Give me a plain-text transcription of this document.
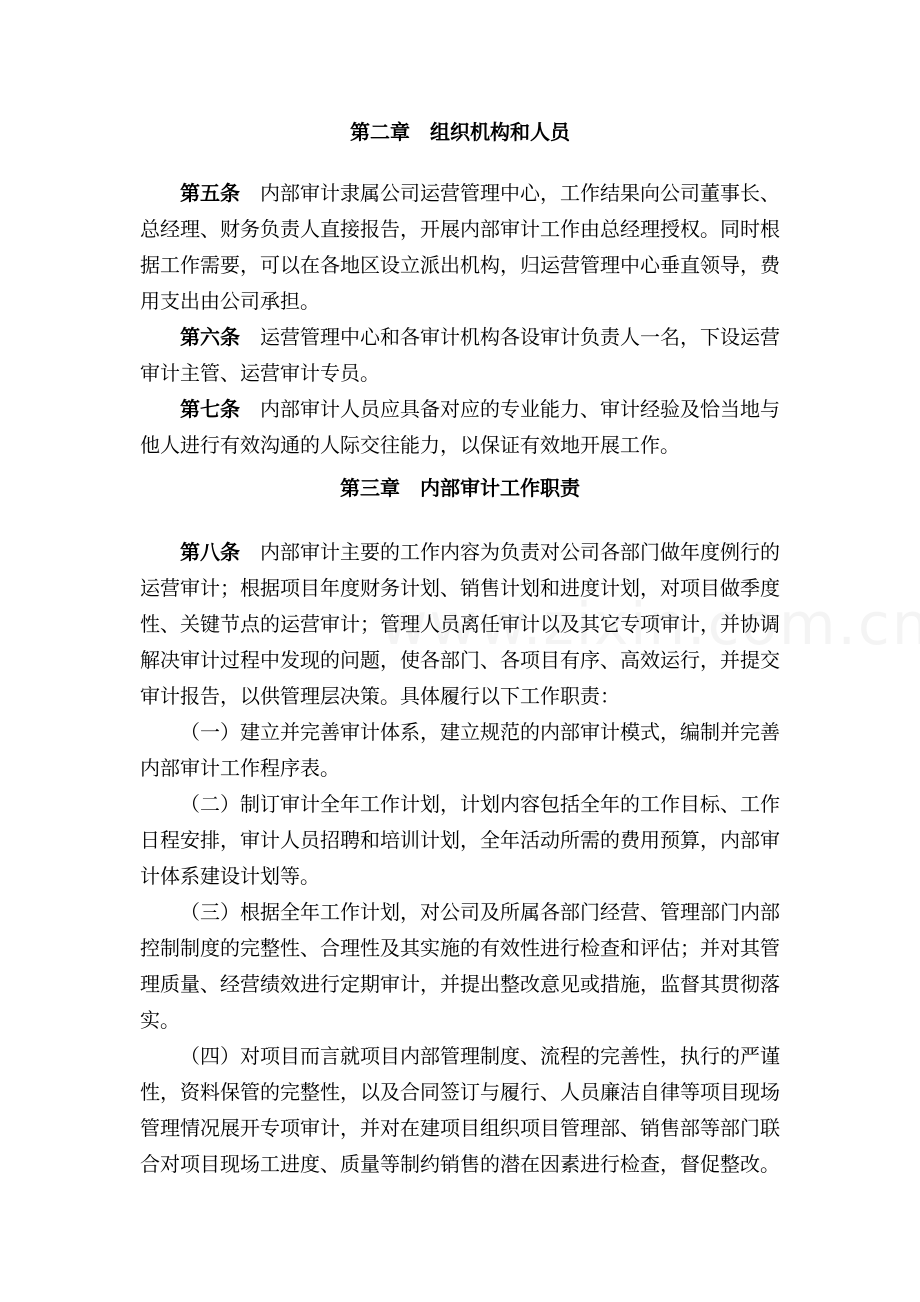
第二章　组织机构和人员

第五条　 内部审计隶属公司运营管理中心，工作结果向公司董事长、总经理、财务负责人直接报告，开展内部审计工作由总经理授权。同时根据工作需要，可以在各地区设立派出机构，归运营管理中心垂直领导，费用支出由公司承担。

第六条　 运营管理中心和各审计机构各设审计负责人一名，下设运营审计主管、运营审计专员。

第七条　 内部审计人员应具备对应的专业能力、审计经验及恰当地与他人进行有效沟通的人际交往能力，以保证有效地开展工作。

第三章　内部审计工作职责

第八条　 内部审计主要的工作内容为负责对公司各部门做年度例行的运营审计；根据项目年度财务计划、销售计划和进度计划，对项目做季度性、关键节点的运营审计；管理人员离任审计以及其它专项审计，并协调解决审计过程中发现的问题，使各部门、各项目有序、高效运行，并提交审计报告，以供管理层决策。具体履行以下工作职责：

（一）建立并完善审计体系，建立规范的内部审计模式，编制并完善内部审计工作程序表。

（二）制订审计全年工作计划，计划内容包括全年的工作目标、工作日程安排，审计人员招聘和培训计划，全年活动所需的费用预算，内部审计体系建设计划等。

（三）根据全年工作计划，对公司及所属各部门经营、管理部门内部控制制度的完整性、合理性及其实施的有效性进行检查和评估；并对其管理质量、经营绩效进行定期审计，并提出整改意见或措施，监督其贯彻落实。

（四）对项目而言就项目内部管理制度、流程的完善性，执行的严谨性，资料保管的完整性，以及合同签订与履行、人员廉洁自律等项目现场管理情况展开专项审计，并对在建项目组织项目管理部、销售部等部门联合对项目现场工进度、质量等制约销售的潜在因素进行检查，督促整改。
